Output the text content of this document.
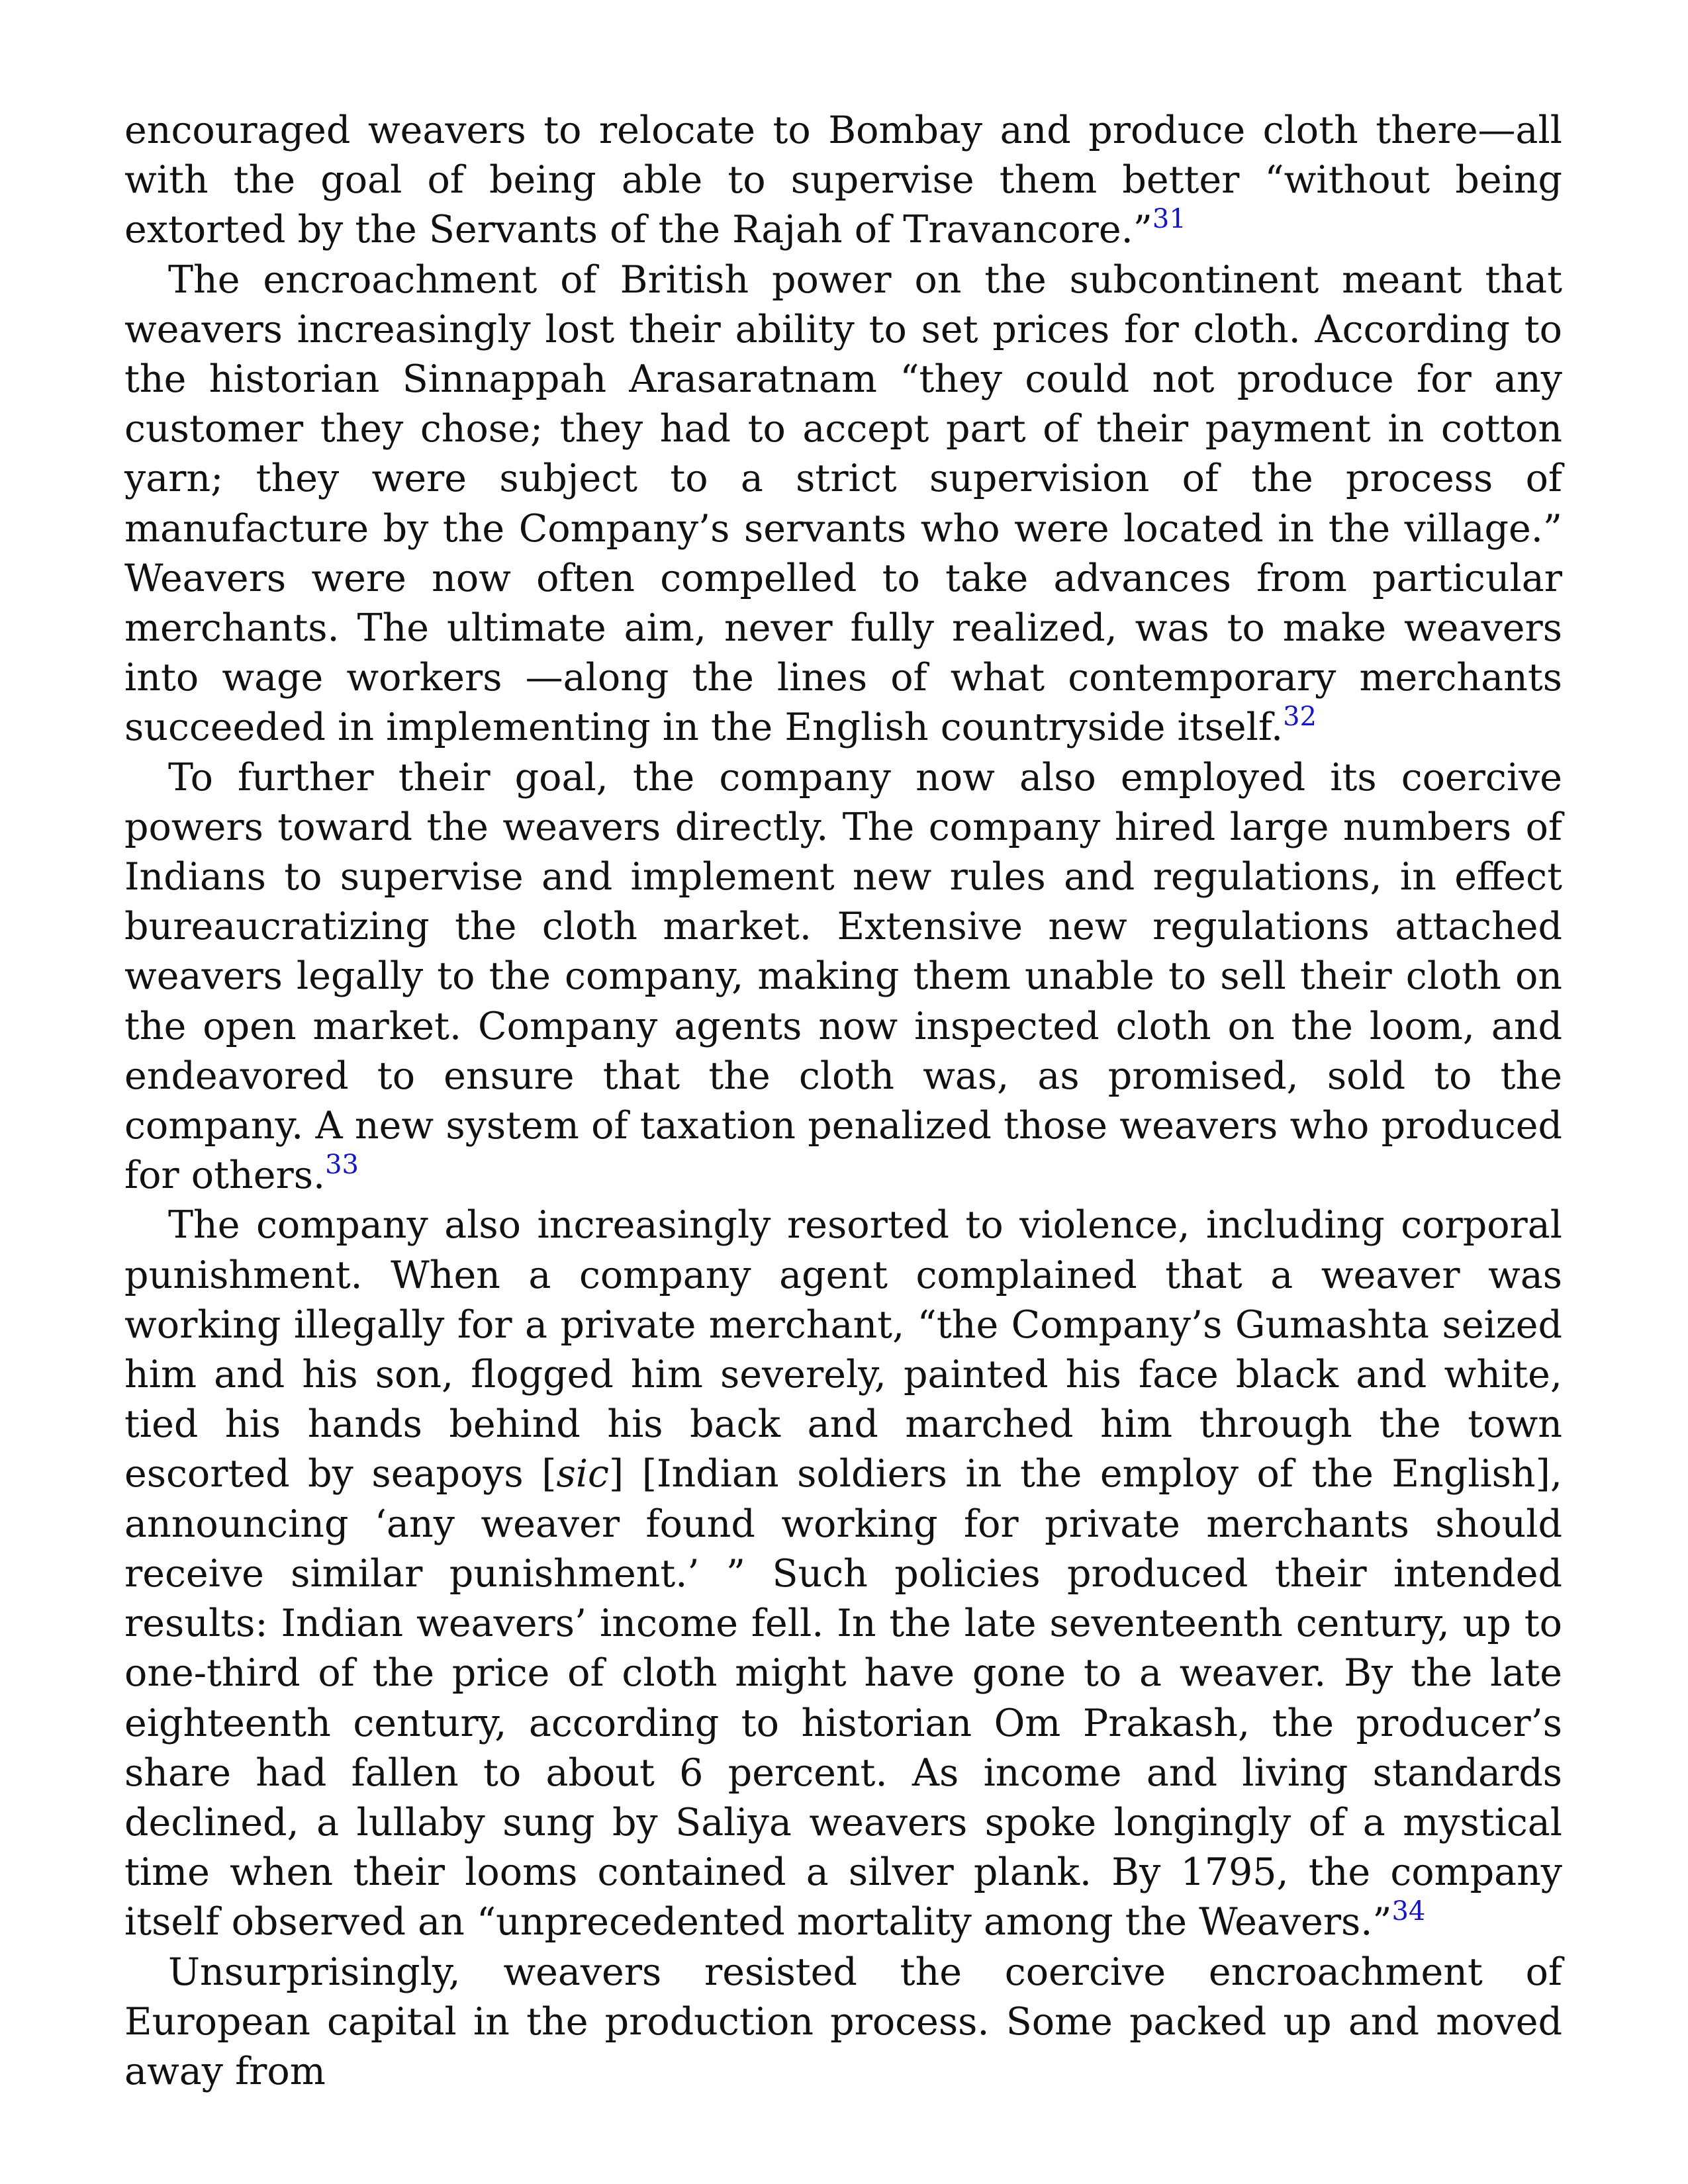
encouraged weavers to relocate to Bombay and produce cloth there—all with the goal of being able to supervise them better “without being extorted by the Servants of the Rajah of Travancore.”$^{31}$

The encroachment of British power on the subcontinent meant that weavers increasingly lost their ability to set prices for cloth. According to the historian Sinnappah Arasaratnam “they could not produce for any customer they chose; they had to accept part of their payment in cotton yarn; they were subject to a strict supervision of the process of manufacture by the Company’s servants who were located in the village.” Weavers were now often compelled to take advances from particular merchants. The ultimate aim, never fully realized, was to make weavers into wage workers —along the lines of what contemporary merchants succeeded in implementing in the English countryside itself.$^{32}$

To further their goal, the company now also employed its coercive powers toward the weavers directly. The company hired large numbers of Indians to supervise and implement new rules and regulations, in effect bureaucratizing the cloth market. Extensive new regulations attached weavers legally to the company, making them unable to sell their cloth on the open market. Company agents now inspected cloth on the loom, and endeavored to ensure that the cloth was, as promised, sold to the company. A new system of taxation penalized those weavers who produced for others.$^{33}$

The company also increasingly resorted to violence, including corporal punishment. When a company agent complained that a weaver was working illegally for a private merchant, “the Company’s Gumashta seized him and his son, flogged him severely, painted his face black and white, tied his hands behind his back and marched him through the town escorted by seapoys [sic] [Indian soldiers in the employ of the English], announcing ‘any weaver found working for private merchants should receive similar punishment.’ ” Such policies produced their intended results: Indian weavers’ income fell. In the late seventeenth century, up to one-third of the price of cloth might have gone to a weaver. By the late eighteenth century, according to historian Om Prakash, the producer’s share had fallen to about 6 percent. As income and living standards declined, a lullaby sung by Saliya weavers spoke longingly of a mystical time when their looms contained a silver plank. By 1795, the company itself observed an “unprecedented mortality among the Weavers.”$^{34}$

Unsurprisingly, weavers resisted the coercive encroachment of European capital in the production process. Some packed up and moved away from
